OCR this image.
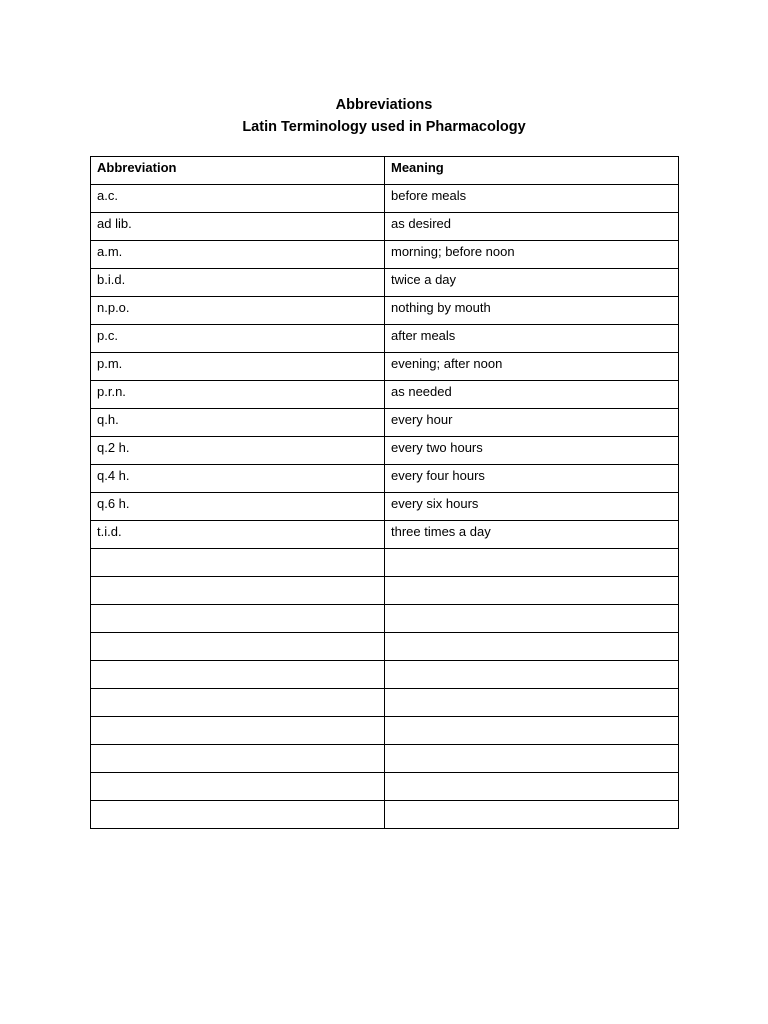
Abbreviations
Latin Terminology used in Pharmacology
Abbreviation	Meaning
a.c.	before meals
ad lib.	as desired
a.m.	morning; before noon
b.i.d.	twice a day
n.p.o.	nothing by mouth
p.c.	after meals
p.m.	evening; after noon
p.r.n.	as needed
q.h.	every hour
q.2 h.	every two hours
q.4 h.	every four hours
q.6 h.	every six hours
t.i.d.	three times a day
